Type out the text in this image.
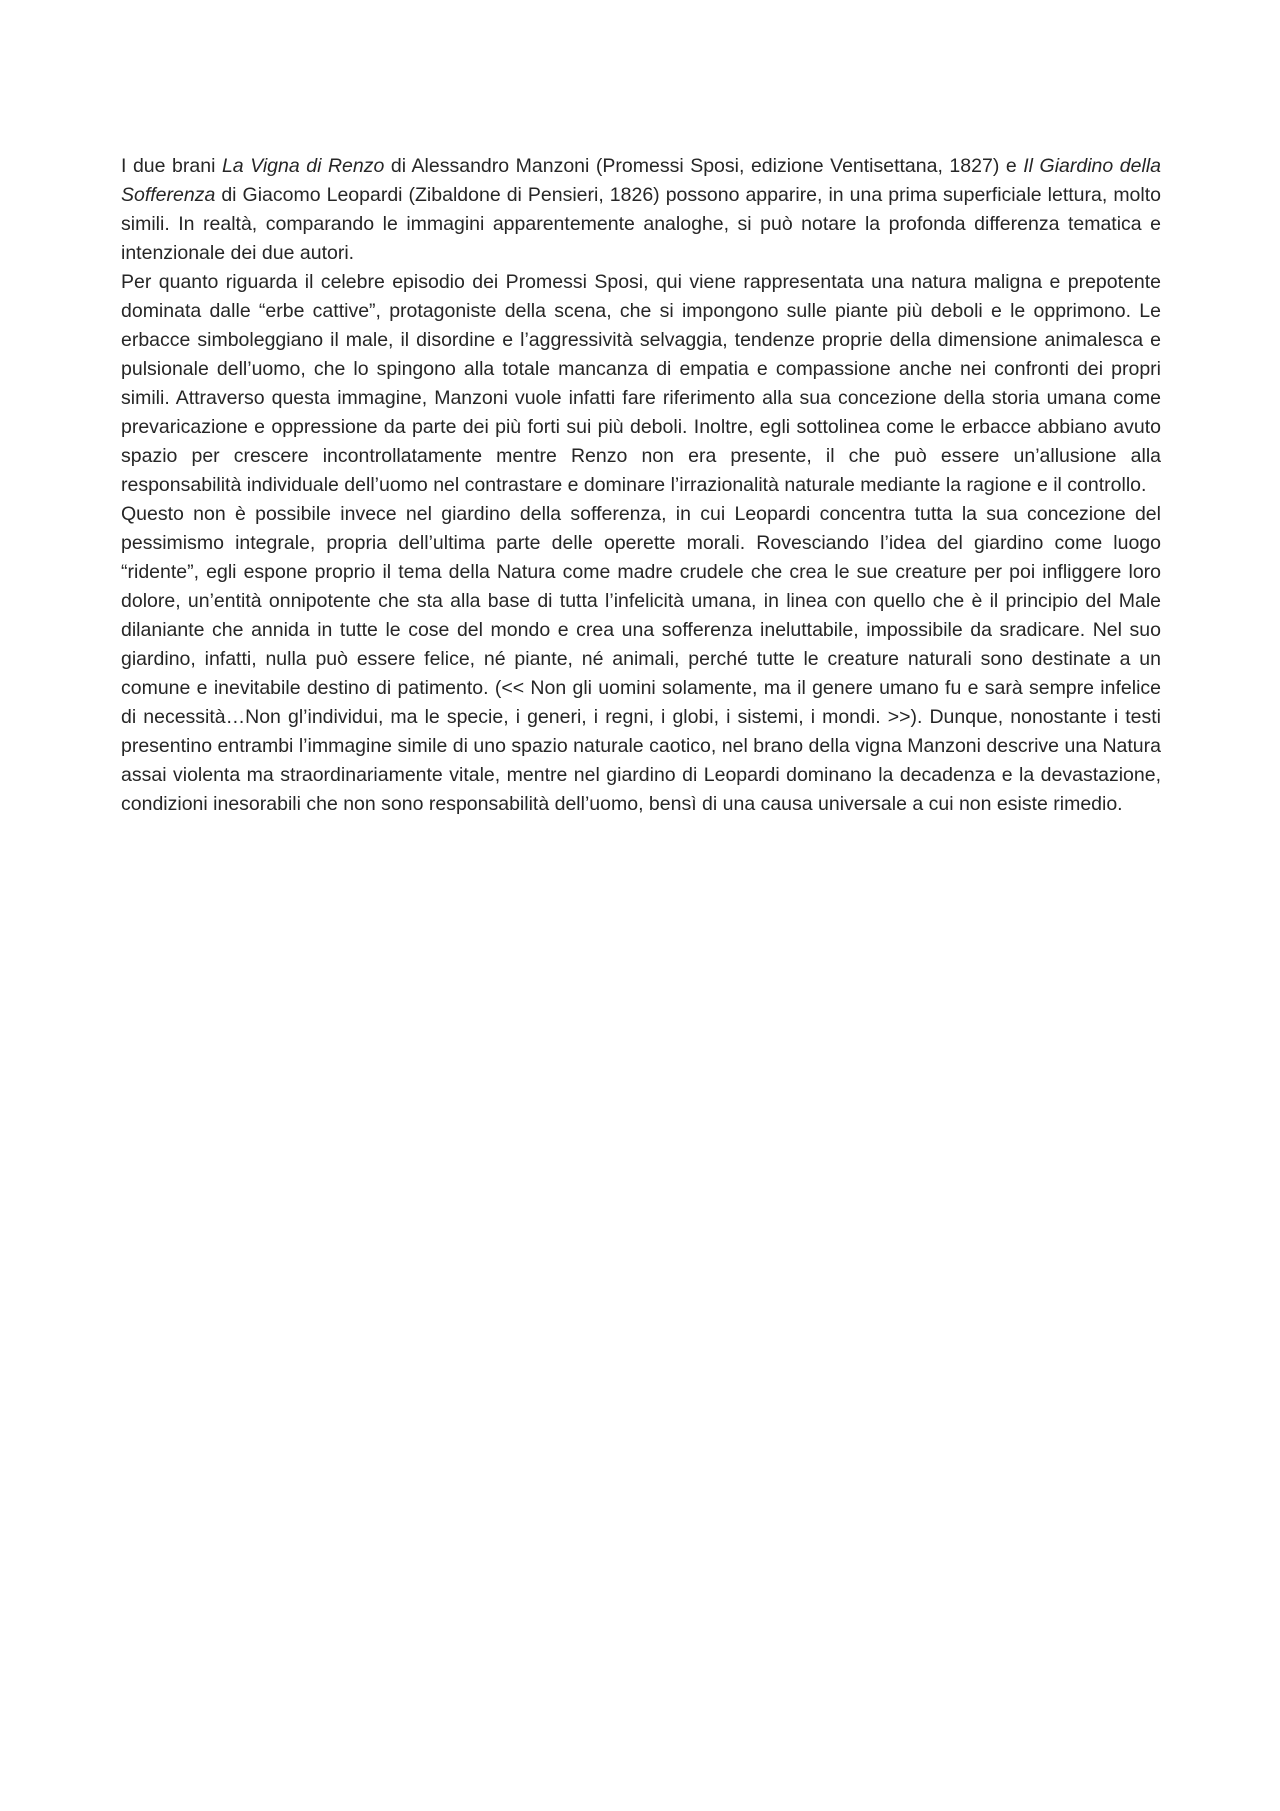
I due brani La Vigna di Renzo di Alessandro Manzoni (Promessi Sposi, edizione Ventisettana, 1827) e Il Giardino della Sofferenza di Giacomo Leopardi (Zibaldone di Pensieri, 1826) possono apparire, in una prima superficiale lettura, molto simili. In realtà, comparando le immagini apparentemente analoghe, si può notare la profonda differenza tematica e intenzionale dei due autori.

Per quanto riguarda il celebre episodio dei Promessi Sposi, qui viene rappresentata una natura maligna e prepotente dominata dalle “erbe cattive”, protagoniste della scena, che si impongono sulle piante più deboli e le opprimono. Le erbacce simboleggiano il male, il disordine e l’aggressività selvaggia, tendenze proprie della dimensione animalesca e pulsionale dell’uomo, che lo spingono alla totale mancanza di empatia e compassione anche nei confronti dei propri simili. Attraverso questa immagine, Manzoni vuole infatti fare riferimento alla sua concezione della storia umana come prevaricazione e oppressione da parte dei più forti sui più deboli. Inoltre, egli sottolinea come le erbacce abbiano avuto spazio per crescere incontrollatamente mentre Renzo non era presente, il che può essere un’allusione alla responsabilità individuale dell’uomo nel contrastare e dominare l’irrazionalità naturale mediante la ragione e il controllo.

Questo non è possibile invece nel giardino della sofferenza, in cui Leopardi concentra tutta la sua concezione del pessimismo integrale, propria dell’ultima parte delle operette morali. Rovesciando l’idea del giardino come luogo “ridente”, egli espone proprio il tema della Natura come madre crudele che crea le sue creature per poi infliggere loro dolore, un’entità onnipotente che sta alla base di tutta l’infelicità umana, in linea con quello che è il principio del Male dilaniante che annida in tutte le cose del mondo e crea una sofferenza ineluttabile, impossibile da sradicare. Nel suo giardino, infatti, nulla può essere felice, né piante, né animali, perché tutte le creature naturali sono destinate a un comune e inevitabile destino di patimento. (<< Non gli uomini solamente, ma il genere umano fu e sarà sempre infelice di necessità…Non gl’individui, ma le specie, i generi, i regni, i globi, i sistemi, i mondi. >>). Dunque, nonostante i testi presentino entrambi l’immagine simile di uno spazio naturale caotico, nel brano della vigna Manzoni descrive una Natura assai violenta ma straordinariamente vitale, mentre nel giardino di Leopardi dominano la decadenza e la devastazione, condizioni inesorabili che non sono responsabilità dell’uomo, bensì di una causa universale a cui non esiste rimedio.
